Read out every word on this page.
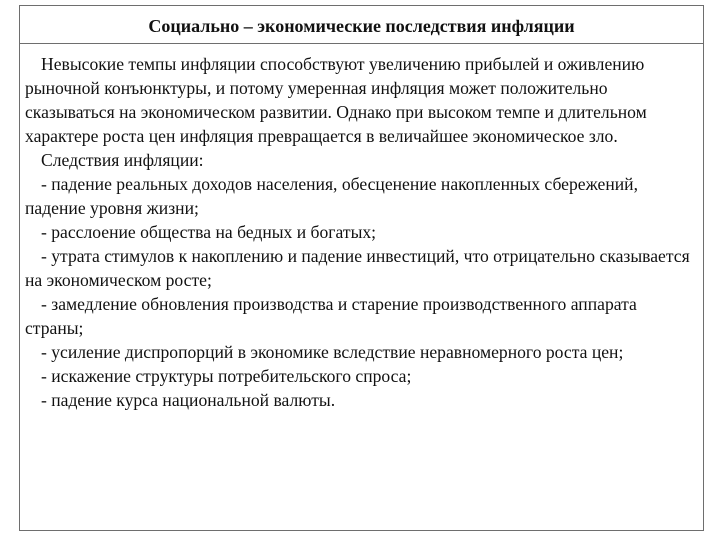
Социально – экономические последствия инфляции

Невысокие темпы инфляции способствуют увеличению прибылей и оживлению рыночной конъюнктуры, и потому умеренная инфляция может положительно сказываться на экономическом развитии. Однако при высоком темпе и длительном характере роста цен инфляция превращается в величайшее экономическое зло.

Следствия инфляции:

- падение реальных доходов населения, обесценение накопленных сбережений, падение уровня жизни;

- расслоение общества на бедных и богатых;

- утрата стимулов к накоплению и падение инвестиций, что отрицательно сказывается на экономическом росте;

- замедление обновления производства и старение производственного аппарата страны;

- усиление диспропорций в экономике вследствие неравномерного роста цен;

- искажение структуры потребительского спроса;

- падение курса национальной валюты.
